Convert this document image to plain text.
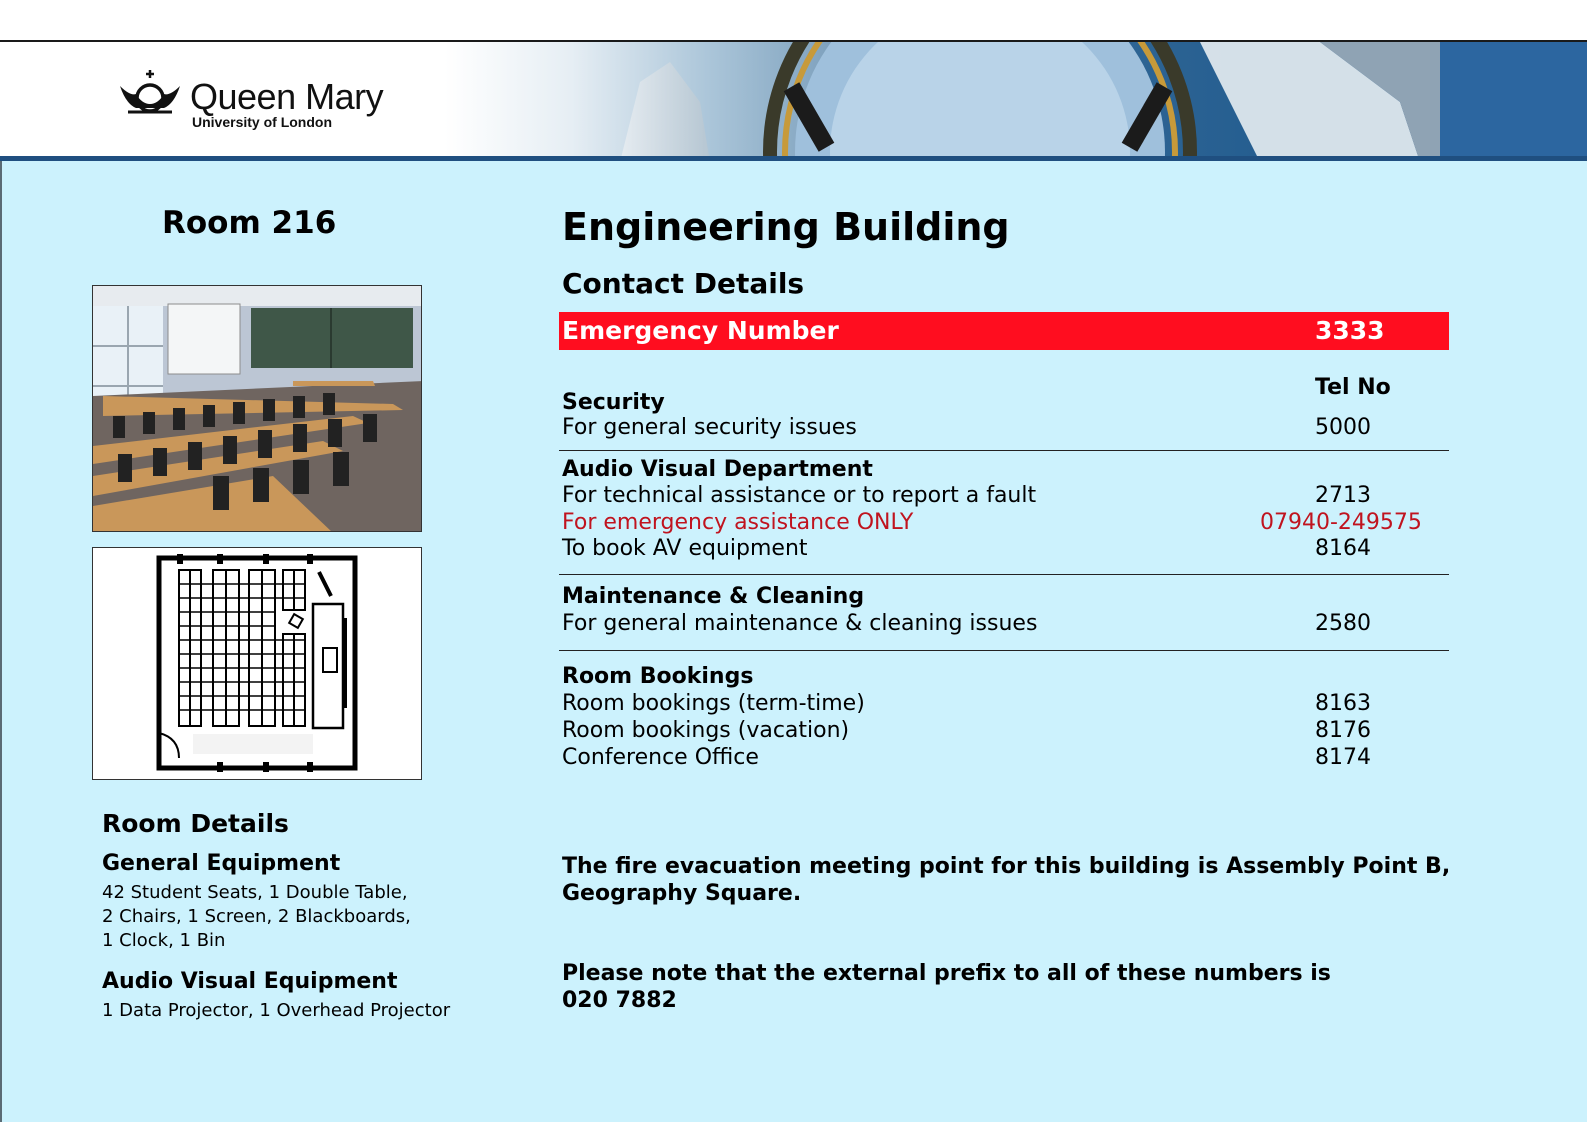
Queen Mary
University of London
Room 216
Room Details
General Equipment
42 Student Seats, 1 Double Table,
2 Chairs, 1 Screen, 2 Blackboards,
1 Clock, 1 Bin
Audio Visual Equipment
1 Data Projector, 1 Overhead Projector
Engineering Building
Contact Details
Emergency Number	3333
Tel No
Security
For general security issues	5000
Audio Visual Department
For technical assistance or to report a fault	2713
For emergency assistance ONLY	07940-249575
To book AV equipment	8164
Maintenance & Cleaning
For general maintenance & cleaning issues	2580
Room Bookings
Room bookings (term-time)	8163
Room bookings (vacation)	8176
Conference Office	8174
The fire evacuation meeting point for this building is Assembly Point B,
Geography Square.
Please note that the external prefix to all of these numbers is
020 7882
